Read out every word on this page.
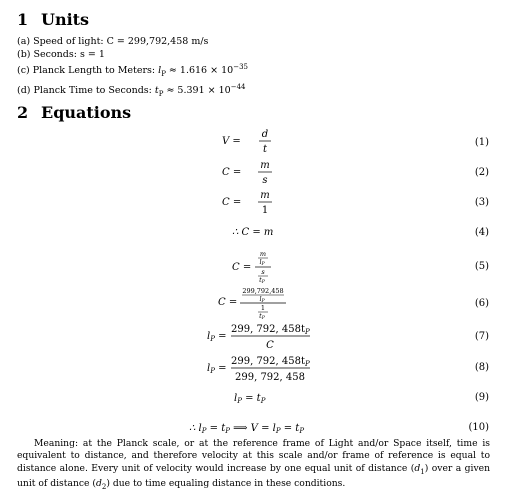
1 Units
(a) Speed of light: C = 299,792,458 m/s
(b) Seconds: s = 1
(c) Planck Length to Meters: $l_P \approx 1.616 \times 10^{-35}$
(d) Planck Time to Seconds: $t_P \approx 5.391 \times 10^{-44}$
2 Equations
V =
d
t
(1)
C =
m
s
(2)
C =
m
1
(3)
∴ C = m	(4)
C =
m
lP
s
tP
(5)
C =
299,792,458
lP
1
tP
(6)
$l_P$ =
299, 792, $458t_P$
C
(7)
$l_P$ =
299, 792, $458t_P$
299, 792, 458
(8)
$l_P = t_P$	(9)
∴ $l_P = t_P$ ⟹ $V = l_P = t_P$	(10)
Meaning: at the Planck scale, or at the reference frame of Light and/or Space itself, time is equivalent to distance, and therefore velocity at this scale and/or frame of reference is equal to distance alone. Every unit of velocity would increase by one equal unit of distance $(d_1)$ over a given unit of distance $(d_2)$ due to time equaling distance in these conditions.
